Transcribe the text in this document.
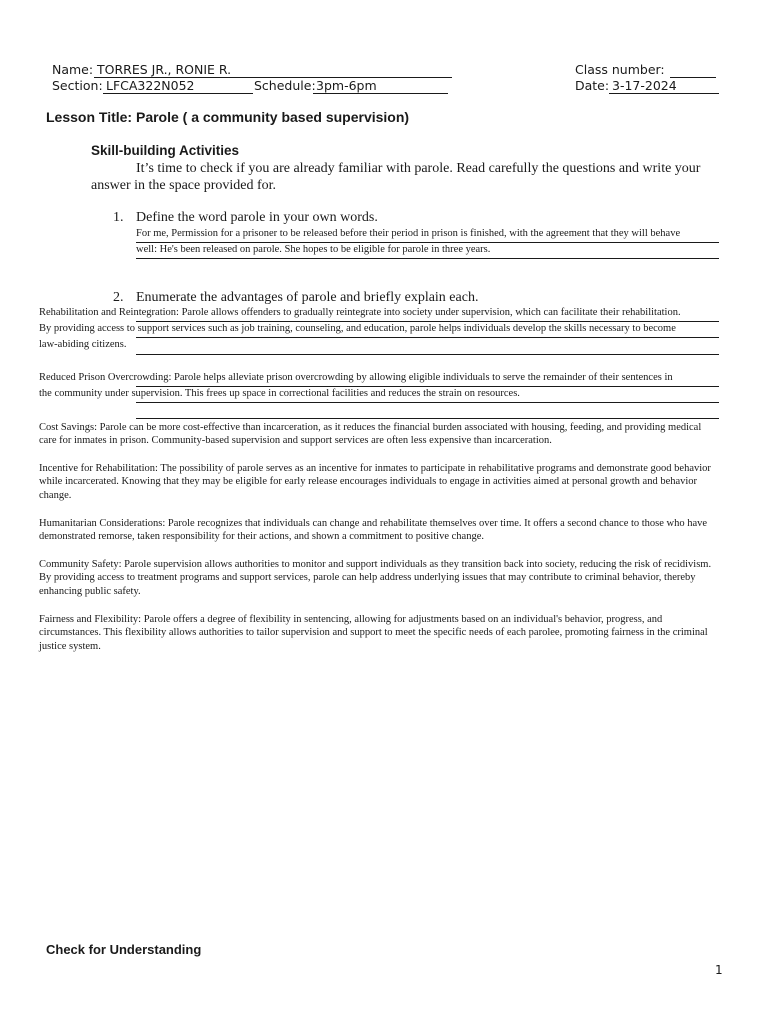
Name: TORRES JR., RONIE R.
Section: LFCA322N052	Schedule: 3pm-6pm
Class number:
Date: 3-17-2024
Lesson Title: Parole ( a community based supervision)
Skill-building Activities
It’s time to check if you are already familiar with parole. Read carefully the questions and write your
answer in the space provided for.
1. Define the word parole in your own words.
For me, Permission for a prisoner to be released before their period in prison is finished, with the agreement that they will behave
well: He's been released on parole. She hopes to be eligible for parole in three years.
2. Enumerate the advantages of parole and briefly explain each.
Rehabilitation and Reintegration: Parole allows offenders to gradually reintegrate into society under supervision, which can facilitate their rehabilitation.
By providing access to support services such as job training, counseling, and education, parole helps individuals develop the skills necessary to become
law-abiding citizens.
Reduced Prison Overcrowding: Parole helps alleviate prison overcrowding by allowing eligible individuals to serve the remainder of their sentences in
the community under supervision. This frees up space in correctional facilities and reduces the strain on resources.
Cost Savings: Parole can be more cost-effective than incarceration, as it reduces the financial burden associated with housing, feeding, and providing medical care for inmates in prison. Community-based supervision and support services are often less expensive than incarceration.
Incentive for Rehabilitation: The possibility of parole serves as an incentive for inmates to participate in rehabilitative programs and demonstrate good behavior while incarcerated. Knowing that they may be eligible for early release encourages individuals to engage in activities aimed at personal growth and behavior change.
Humanitarian Considerations: Parole recognizes that individuals can change and rehabilitate themselves over time. It offers a second chance to those who have demonstrated remorse, taken responsibility for their actions, and shown a commitment to positive change.
Community Safety: Parole supervision allows authorities to monitor and support individuals as they transition back into society, reducing the risk of recidivism. By providing access to treatment programs and support services, parole can help address underlying issues that may contribute to criminal behavior, thereby enhancing public safety.
Fairness and Flexibility: Parole offers a degree of flexibility in sentencing, allowing for adjustments based on an individual's behavior, progress, and circumstances. This flexibility allows authorities to tailor supervision and support to meet the specific needs of each parolee, promoting fairness in the criminal justice system.
Check for Understanding
1
